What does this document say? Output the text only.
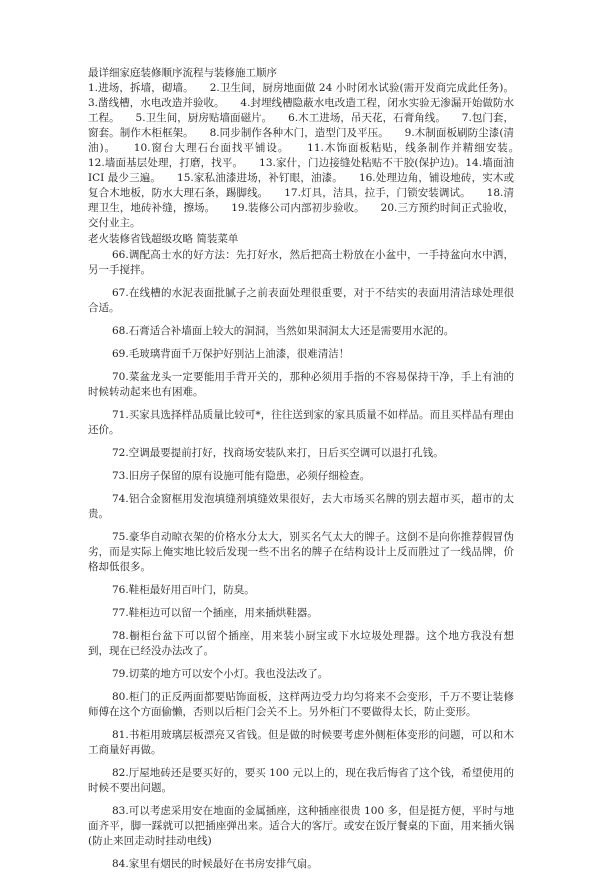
最详细家庭装修顺序流程与装修施工顺序

1.进场，拆墙，砌墙。　　2.卫生间，厨房地面做 24 小时闭水试验(需开发商完成此任务)。3.凿线槽，水电改造并验收。　　4.封埋线槽隐蔽水电改造工程，闭水实验无渗漏开始做防水工程。　　5.卫生间，厨房贴墙面磁片。　　6.木工进场，吊天花，石膏角线。　　7.包门套，窗套。制作木柜框架。　　8.同步制作各种木门，造型门及平压。　　9.木制面板刷防尘漆(清油)。　　10.窗台大理石台面找平铺设。　　11.木饰面板粘贴，线条制作并精细安装。　　12.墙面基层处理，打磨，找平。　　13.家什，门边接缝处粘贴不干胶(保护边)。14.墙面油 ICI 最少三遍。　　15.家私油漆进场，补钉眼，油漆。　　16.处理边角，铺设地砖，实木或复合木地板，防水大理石条，踢脚线。　　17.灯具，洁具，拉手，门锁安装调试。　　18.清理卫生，地砖补缝，擦场。　　19.装修公司内部初步验收。　　20.三方预约时间正式验收，交付业主。

老火装修省钱超级攻略 简装菜单

66.调配高士水的好方法：先打好水，然后把高士粉放在小盆中，一手持盆向水中洒，另一手搅拌。

67.在线槽的水泥表面批腻子之前表面处理很重要，对于不结实的表面用清洁球处理很合适。

68.石膏适合补墙面上较大的洞洞，当然如果洞洞太大还是需要用水泥的。

69.毛玻璃背面千万保护好别沾上油漆，很难清洁！

70.菜盆龙头一定要能用手背开关的，那种必须用手指的不容易保持干净，手上有油的时候转动起来也有困难。

71.买家具选择样品质量比较可*，往往送到家的家具质量不如样品。而且买样品有理由还价。

72.空调最要提前打好，找商场安装队来打，日后买空调可以退打孔钱。

73.旧房子保留的原有设施可能有隐患，必须仔细检查。

74.铝合金窗框用发泡填缝剂填缝效果很好，去大市场买名牌的别去超市买，超市的太贵。

75.豪华自动晾衣架的价格水分太大，别买名气太大的牌子。这倒不是向你推荐假冒伪劣，而是实际上俺实地比较后发现一些不出名的牌子在结构设计上反而胜过了一线品牌，价格却低很多。

76.鞋柜最好用百叶门，防臭。

77.鞋柜边可以留一个插座，用来插烘鞋器。

78.橱柜台盆下可以留个插座，用来装小厨宝或下水垃圾处理器。这个地方我没有想到，现在已经没办法改了。

79.切菜的地方可以安个小灯。我也没法改了。

80.柜门的正反两面都要贴饰面板，这样两边受力均匀将来不会变形，千万不要让装修师傅在这个方面偷懒，否则以后柜门会关不上。另外柜门不要做得太长，防止变形。

81.书柜用玻璃层板漂亮又省钱。但是做的时候要考虑外侧柜体变形的问题，可以和木工商量好再做。

82.厅屋地砖还是要买好的，要买 100 元以上的，现在我后悔省了这个钱，希望使用的时候不要出问题。

83.可以考虑采用安在地面的金属插座，这种插座很贵 100 多，但是挺方便，平时与地面齐平，脚一踩就可以把插座弹出来。适合大的客厅。或安在饭厅餐桌的下面，用来插火锅(防止来回走动时挂动电线)

84.家里有烟民的时候最好在书房安排气扇。
